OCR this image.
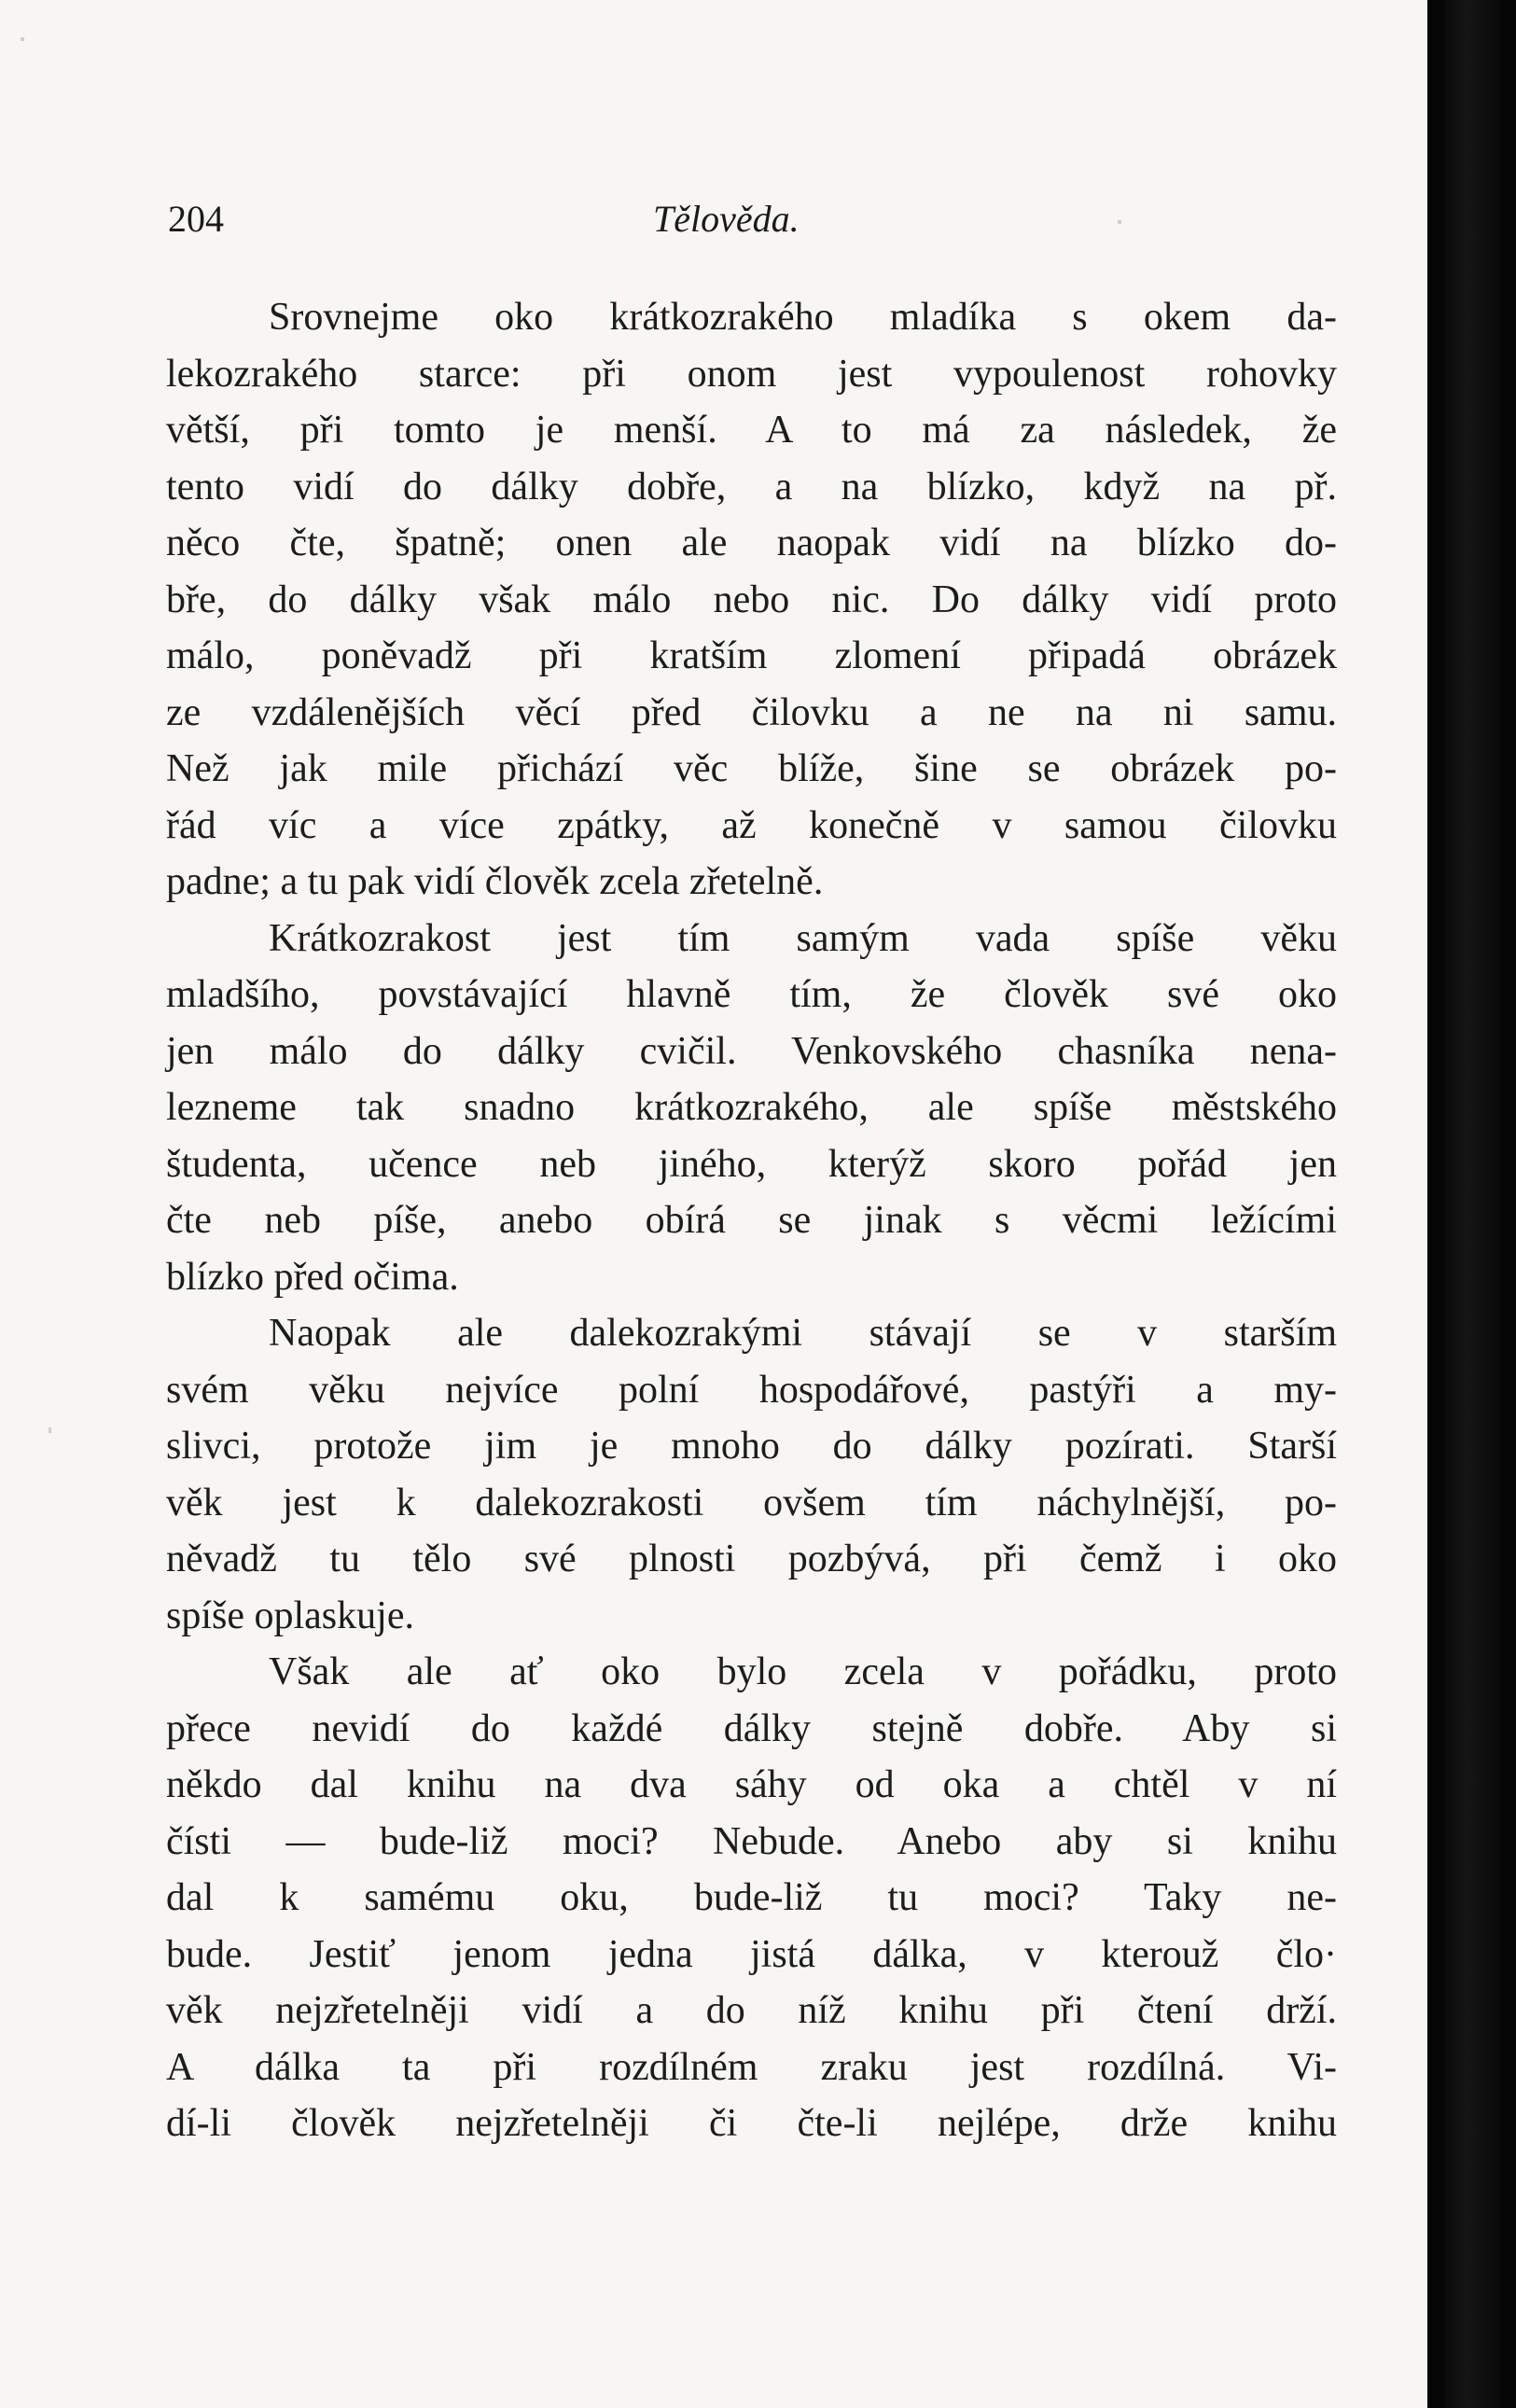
204	Tělověda.
Srovnejme oko krátkozrakého mladíka s okem da-
lekozrakého starce: při onom jest vypoulenost rohovky
větší, při tomto je menší. A to má za následek, že
tento vidí do dálky dobře, a na blízko, když na př.
něco čte, špatně; onen ale naopak vidí na blízko do-
bře, do dálky však málo nebo nic. Do dálky vidí proto
málo, poněvadž při kratším zlomení připadá obrázek
ze vzdálenějších věcí před čilovku a ne na ni samu.
Než jak mile přichází věc blíže, šine se obrázek po-
řád víc a více zpátky, až konečně v samou čilovku
padne; a tu pak vidí člověk zcela zřetelně.
Krátkozrakost jest tím samým vada spíše věku
mladšího, povstávající hlavně tím, že člověk své oko
jen málo do dálky cvičil. Venkovského chasníka nena-
lezneme tak snadno krátkozrakého, ale spíše městského
študenta, učence neb jiného, kterýž skoro pořád jen
čte neb píše, anebo obírá se jinak s věcmi ležícími
blízko před očima.
Naopak ale dalekozrakými stávají se v starším
svém věku nejvíce polní hospodářové, pastýři a my-
slivci, protože jim je mnoho do dálky pozírati. Starší
věk jest k dalekozrakosti ovšem tím náchylnější, po-
něvadž tu tělo své plnosti pozbývá, při čemž i oko
spíše oplaskuje.
Však ale ať oko bylo zcela v pořádku, proto
přece nevidí do každé dálky stejně dobře. Aby si
někdo dal knihu na dva sáhy od oka a chtěl v ní
čísti — bude-liž moci? Nebude. Anebo aby si knihu
dal k samému oku, bude-liž tu moci? Taky ne-
bude. Jestiť jenom jedna jistá dálka, v kterouž člo·
věk nejzřetelněji vidí a do níž knihu při čtení drží.
A dálka ta při rozdílném zraku jest rozdílná. Vi-
dí-li člověk nejzřetelněji či čte-li nejlépe, drže knihu
